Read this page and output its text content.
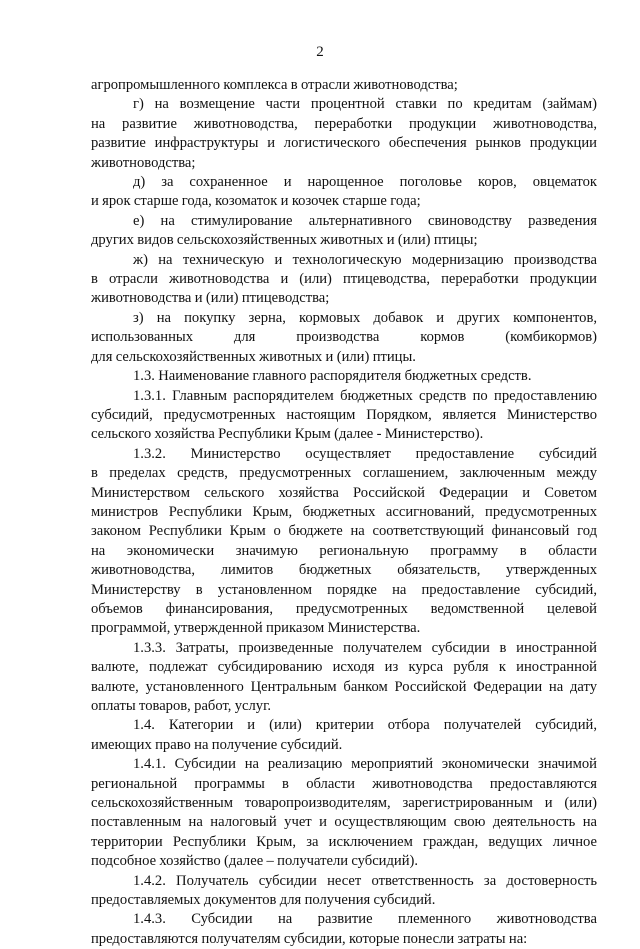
2
агропромышленного комплекса в отрасли животноводства;
г) на возмещение части процентной ставки по кредитам (займам)
на развитие животноводства, переработки продукции животноводства,
развитие инфраструктуры и логистического обеспечения рынков продукции
животноводства;
д) за сохраненное и нарощенное поголовье коров, овцематок
и ярок старше года, козоматок и козочек старше года;
е) на стимулирование альтернативного свиноводству разведения
других видов сельскохозяйственных животных и (или) птицы;
ж) на техническую и технологическую модернизацию производства
в отрасли животноводства и (или) птицеводства, переработки продукции
животноводства и (или) птицеводства;
з) на покупку зерна, кормовых добавок и других компонентов,
использованных для производства кормов (комбикормов)
для сельскохозяйственных животных и (или) птицы.
1.3. Наименование главного распорядителя бюджетных средств.
1.3.1. Главным распорядителем бюджетных средств по предоставлению
субсидий, предусмотренных настоящим Порядком, является Министерство
сельского хозяйства Республики Крым (далее - Министерство).
1.3.2. Министерство осуществляет предоставление субсидий
в пределах средств, предусмотренных соглашением, заключенным между
Министерством сельского хозяйства Российской Федерации и Советом
министров Республики Крым, бюджетных ассигнований, предусмотренных
законом Республики Крым о бюджете на соответствующий финансовый год
на экономически значимую региональную программу в области
животноводства, лимитов бюджетных обязательств, утвержденных
Министерству в установленном порядке на предоставление субсидий,
объемов финансирования, предусмотренных ведомственной целевой
программой, утвержденной приказом Министерства.
1.3.3. Затраты, произведенные получателем субсидии в иностранной
валюте, подлежат субсидированию исходя из курса рубля к иностранной
валюте, установленного Центральным банком Российской Федерации на дату
оплаты товаров, работ, услуг.
1.4. Категории и (или) критерии отбора получателей субсидий,
имеющих право на получение субсидий.
1.4.1. Субсидии на реализацию мероприятий экономически значимой
региональной программы в области животноводства предоставляются
сельскохозяйственным товаропроизводителям, зарегистрированным и (или)
поставленным на налоговый учет и осуществляющим свою деятельность на
территории Республики Крым, за исключением граждан, ведущих личное
подсобное хозяйство (далее – получатели субсидий).
1.4.2. Получатель субсидии несет ответственность за достоверность
предоставляемых документов для получения субсидий.
1.4.3. Субсидии на развитие племенного животноводства
предоставляются получателям субсидии, которые понесли затраты на:
